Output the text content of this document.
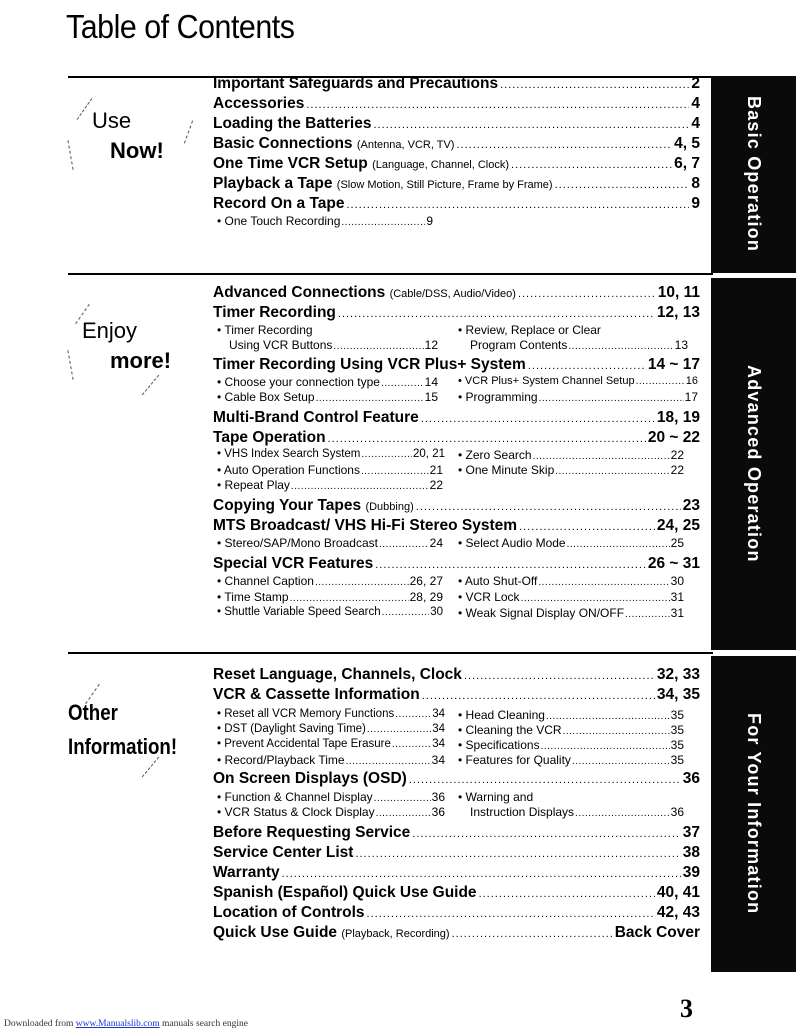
Table of Contents
Basic Operation
Advanced Operation
For Your Information
Use
Now!
Enjoy
more!
Other
Information!
Important Safeguards and Precautions .....	2
Accessories .....	4
Loading the Batteries .....	4
Basic Connections (Antenna, VCR, TV) .....	4, 5
One Time VCR Setup (Language, Channel, Clock) .....	6, 7
Playback a Tape (Slow Motion, Still Picture, Frame by Frame) .....	8
Record On a Tape .....	9
• One Touch Recording .....	9
Advanced Connections (Cable/DSS, Audio/Video) .....	10, 11
Timer Recording .....	12, 13
• Timer Recording
Using VCR Buttons .....	12
• Review, Replace or Clear
Program Contents .....	13
Timer Recording Using VCR Plus+ System .....	14 ~ 17
• Choose your connection type .....	14 • VCR Plus+ System Channel Setup .....	16
• Cable Box Setup .....	15 • Programming .....	17
Multi-Brand Control Feature .....	18, 19
Tape Operation .....	20 ~ 22
• VHS Index Search System .....	20, 21 • Zero Search .....	22
• Auto Operation Functions .....	21 • One Minute Skip .....	22
• Repeat Play .....	22
Copying Your Tapes (Dubbing) .....	23
MTS Broadcast/ VHS Hi-Fi Stereo System .....	24, 25
• Stereo/SAP/Mono Broadcast .....	24 • Select Audio Mode .....	25
Special VCR Features .....	26 ~ 31
• Channel Caption .....	26, 27 • Auto Shut-Off .....	30
• Time Stamp .....	28, 29 • VCR Lock .....	31
• Shuttle Variable Speed Search .....	30 • Weak Signal Display ON/OFF .....	31
Reset Language, Channels, Clock .....	32, 33
VCR & Cassette Information .....	34, 35
• Reset all VCR Memory Functions .....	34 • Head Cleaning .....	35
• DST (Daylight Saving Time) .....	34 • Cleaning the VCR .....	35
• Prevent Accidental Tape Erasure .....	34 • Specifications .....	35
• Record/Playback Time .....	34 • Features for Quality .....	35
On Screen Displays (OSD) .....	36
• Function & Channel Display .....	36 • Warning and
• VCR Status & Clock Display .....	36 Instruction Displays .....	36
Before Requesting Service .....	37
Service Center List .....	38
Warranty .....	39
Spanish (Español) Quick Use Guide .....	40, 41
Location of Controls .....	42, 43
Quick Use Guide (Playback, Recording) .....	Back Cover
3
Downloaded from www.Manualslib.com manuals search engine
